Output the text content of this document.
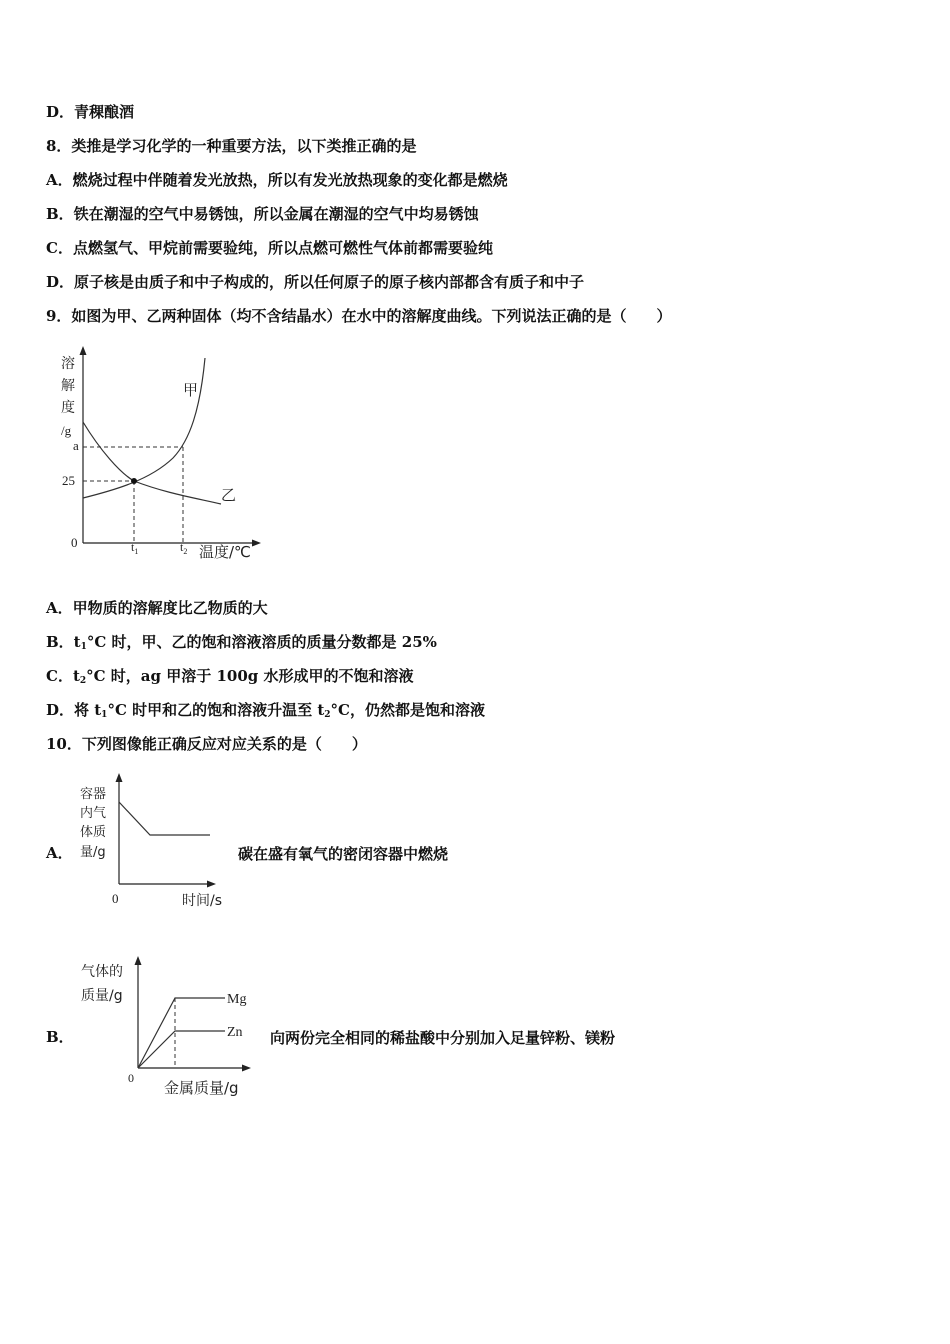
D．青稞酿酒
8．类推是学习化学的一种重要方法，以下类推正确的是
A．燃烧过程中伴随着发光放热，所以有发光放热现象的变化都是燃烧
B．铁在潮湿的空气中易锈蚀，所以金属在潮湿的空气中均易锈蚀
C．点燃氢气、甲烷前需要验纯，所以点燃可燃性气体前都需要验纯
D．原子核是由质子和中子构成的，所以任何原子的原子核内部都含有质子和中子
9．如图为甲、乙两种固体（均不含结晶水）在水中的溶解度曲线。下列说法正确的是（　　）
溶
解
度
/g
a
25
0
甲
乙
$t_1$	$t_2$ 温度/℃
A．甲物质的溶解度比乙物质的大
B．$t_1^\circ C$ 时，甲、乙的饱和溶液溶质的质量分数都是 25%
C．$t_2^\circ C$ 时，ag 甲溶于 100g 水形成甲的不饱和溶液
D．将 $t_1^\circ C$ 时甲和乙的饱和溶液升温至 $t_2^\circ C$，仍然都是饱和溶液
10．下列图像能正确反应对应关系的是（　　）
A．
容器
内气
体质
量/g
0	时间/s
碳在盛有氧气的密闭容器中燃烧
B．
气体的
质量/g	Mg
Zn
0
金属质量/g
向两份完全相同的稀盐酸中分别加入足量锌粉、镁粉
